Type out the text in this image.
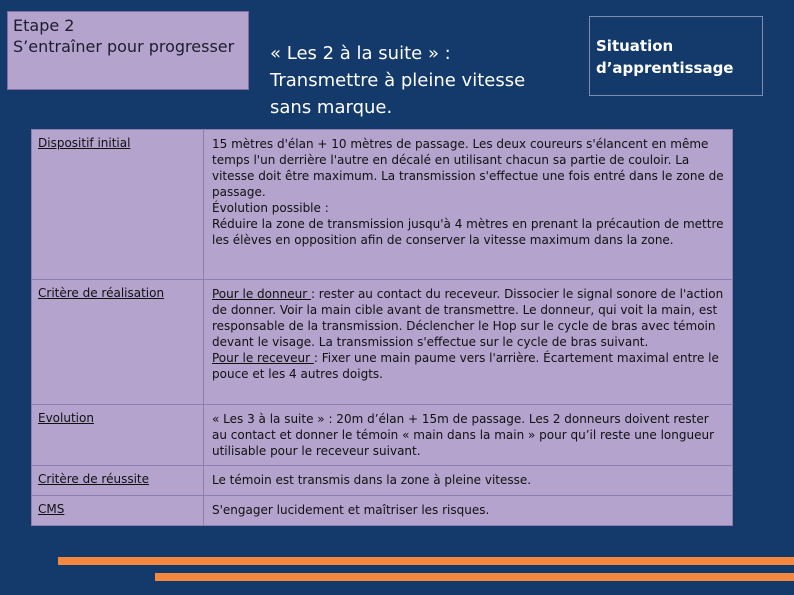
Etape 2
S’entraîner pour progresser	« Les 2 à la suite » :
Transmettre à pleine vitesse
sans marque.
Situation
d’apprentissage
Dispositif initial	15 mètres d'élan + 10 mètres de passage. Les deux coureurs s'élancent en même temps l'un derrière l'autre en décalé en utilisant chacun sa partie de couloir. La vitesse doit être maximum. La transmission s'effectue une fois entré dans le zone de passage.
Évolution possible :
Réduire la zone de transmission jusqu'à 4 mètres en prenant la précaution de mettre les élèves en opposition afin de conserver la vitesse maximum dans la zone.

Critère de réalisation	Pour le donneur : rester au contact du receveur. Dissocier le signal sonore de l'action de donner. Voir la main cible avant de transmettre. Le donneur, qui voit la main, est responsable de la transmission. Déclencher le Hop sur le cycle de bras avec témoin devant le visage. La transmission s'effectue sur le cycle de bras suivant.
Pour le receveur : Fixer une main paume vers l'arrière. Écartement maximal entre le pouce et les 4 autres doigts.

Evolution	« Les 3 à la suite » : 20m d’élan + 15m de passage. Les 2 donneurs doivent rester au contact et donner le témoin « main dans la main » pour qu’il reste une longueur utilisable pour le receveur suivant.
Critère de réussite	Le témoin est transmis dans la zone à pleine vitesse.
CMS	S'engager lucidement et maîtriser les risques.
